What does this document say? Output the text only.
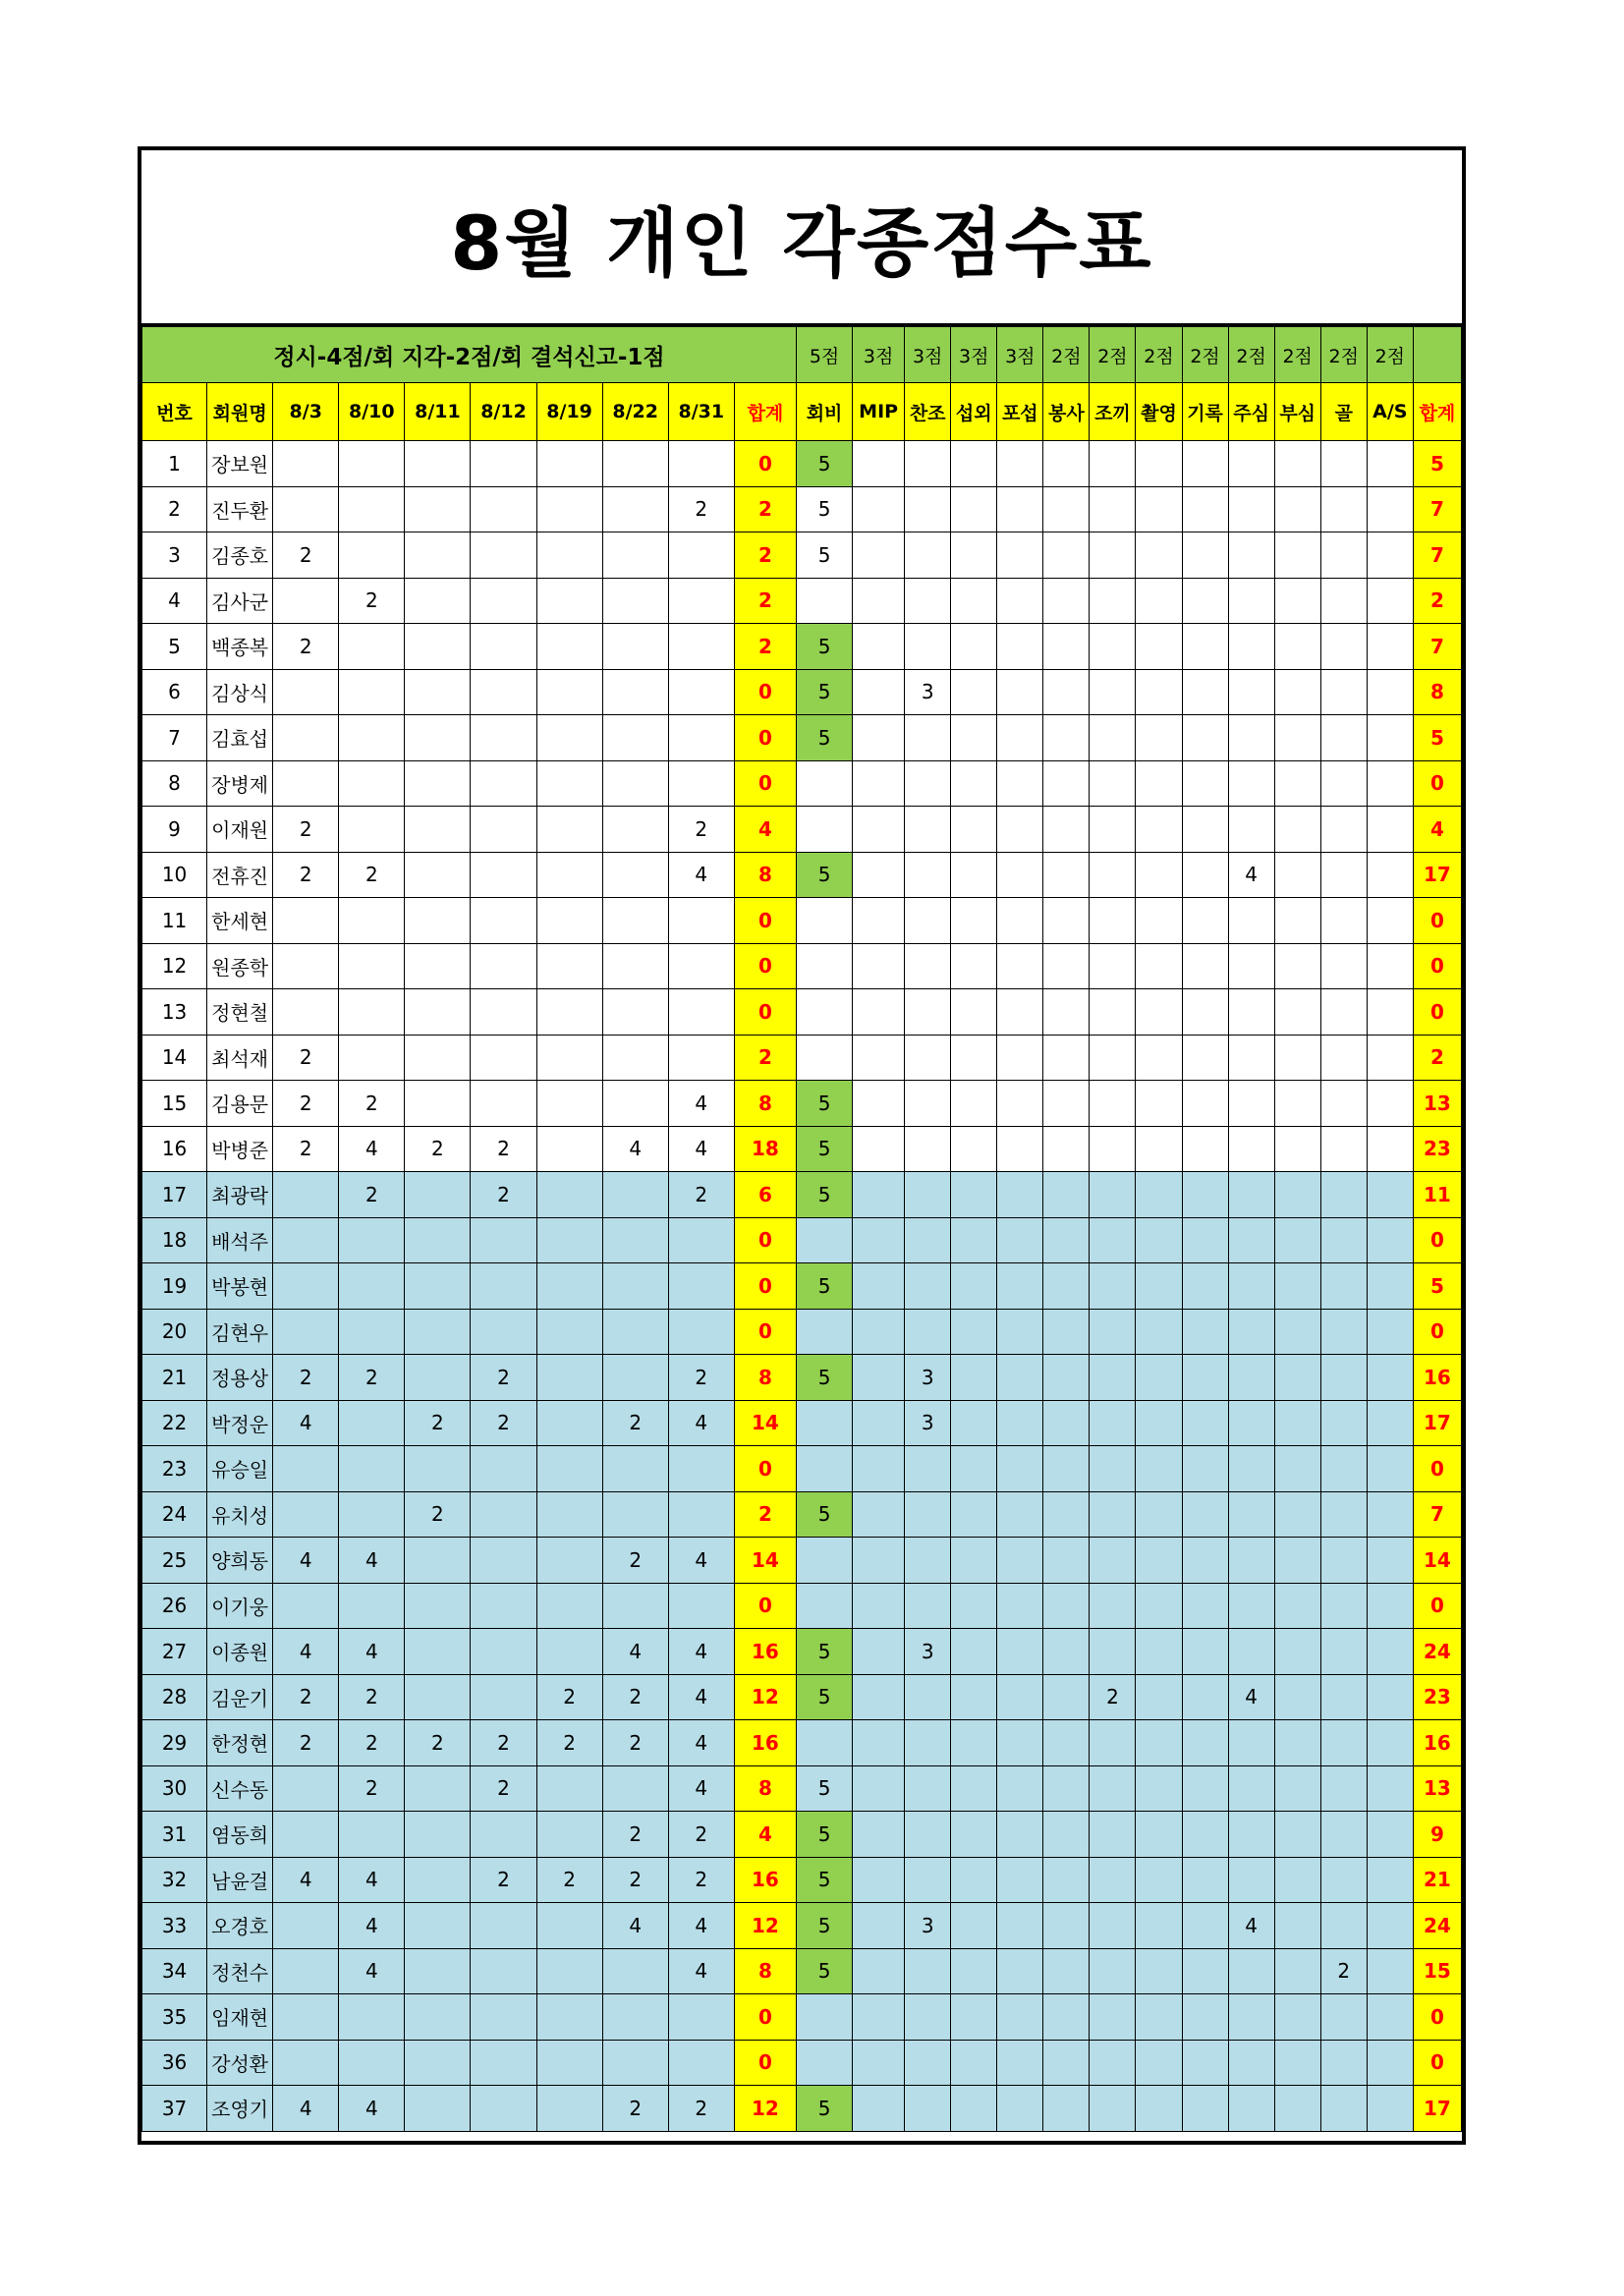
8월 개인 각종점수표
정시-4점/회 지각-2점/회 결석신고-1점										5점	3점	3점	3점	3점	2점	2점	2점	2점	2점	2점	2점	2점	
번호	회원명	8/3	8/10	8/11	8/12	8/19	8/22	8/31	합계	회비	MIP	찬조	섭외	포섭	봉사	조끼	촬영	기록	주심	부심	골	A/S	합계
1	장보원								0	5													5
2	진두환							2	2	5													7
3	김종호	2							2	5													7
4	김사군		2						2														2
5	백종복	2							2	5													7
6	김상식								0	5		3											8
7	김효섭								0	5													5
8	장병제								0														0
9	이재원	2						2	4														4
10	전휴진	2	2					4	8	5									4				17
11	한세현								0														0
12	원종학								0														0
13	정현철								0														0
14	최석재	2							2														2
15	김용문	2	2					4	8	5													13
16	박병준	2	4	2	2		4	4	18	5													23
17	최광락		2		2			2	6	5													11
18	배석주								0														0
19	박봉현								0	5													5
20	김현우								0														0
21	정용상	2	2		2			2	8	5		3											16
22	박정운	4		2	2		2	4	14			3											17
23	유승일								0														0
24	유치성			2					2	5													7
25	양희동	4	4				2	4	14														14
26	이기웅								0														0
27	이종원	4	4				4	4	16	5		3											24
28	김운기	2	2			2	2	4	12	5						2			4				23
29	한정현	2	2	2	2	2	2	4	16														16
30	신수동		2		2			4	8	5													13
31	염동희						2	2	4	5													9
32	남윤걸	4	4		2	2	2	2	16	5													21
33	오경호		4				4	4	12	5		3							4				24
34	정천수		4					4	8	5											2		15
35	임재현								0														0
36	강성환								0														0
37	조영기	4	4				2	2	12	5													17
